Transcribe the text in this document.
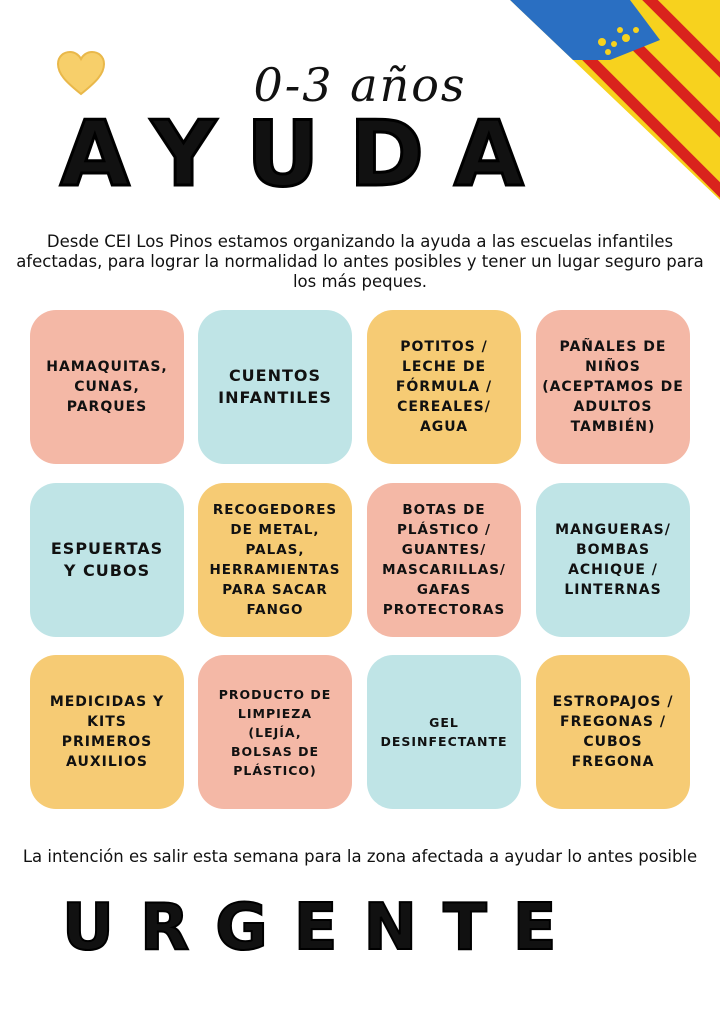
0-3 años
AYUDA
Desde CEI Los Pinos estamos organizando la ayuda a las escuelas infantiles afectadas, para lograr la normalidad lo antes posibles y tener un lugar seguro para los más peques.
HAMAQUITAS,
CUNAS,
PARQUES
CUENTOS
INFANTILES
POTITOS /
LECHE DE
FÓRMULA /
CEREALES/
AGUA
PAÑALES DE
NIÑOS
(ACEPTAMOS DE
ADULTOS
TAMBIÉN)
ESPUERTAS
Y CUBOS
RECOGEDORES
DE METAL,
PALAS,
HERRAMIENTAS
PARA SACAR
FANGO
BOTAS DE
PLÁSTICO /
GUANTES/
MASCARILLAS/
GAFAS
PROTECTORAS
MANGUERAS/
BOMBAS
ACHIQUE /
LINTERNAS
MEDICIDAS Y
KITS
PRIMEROS
AUXILIOS
PRODUCTO DE
LIMPIEZA
(LEJÍA,
BOLSAS DE
PLÁSTICO)
GEL
DESINFECTANTE
ESTROPAJOS /
FREGONAS /
CUBOS
FREGONA
La intención es salir esta semana para la zona afectada a ayudar lo antes posible
URGENTE
